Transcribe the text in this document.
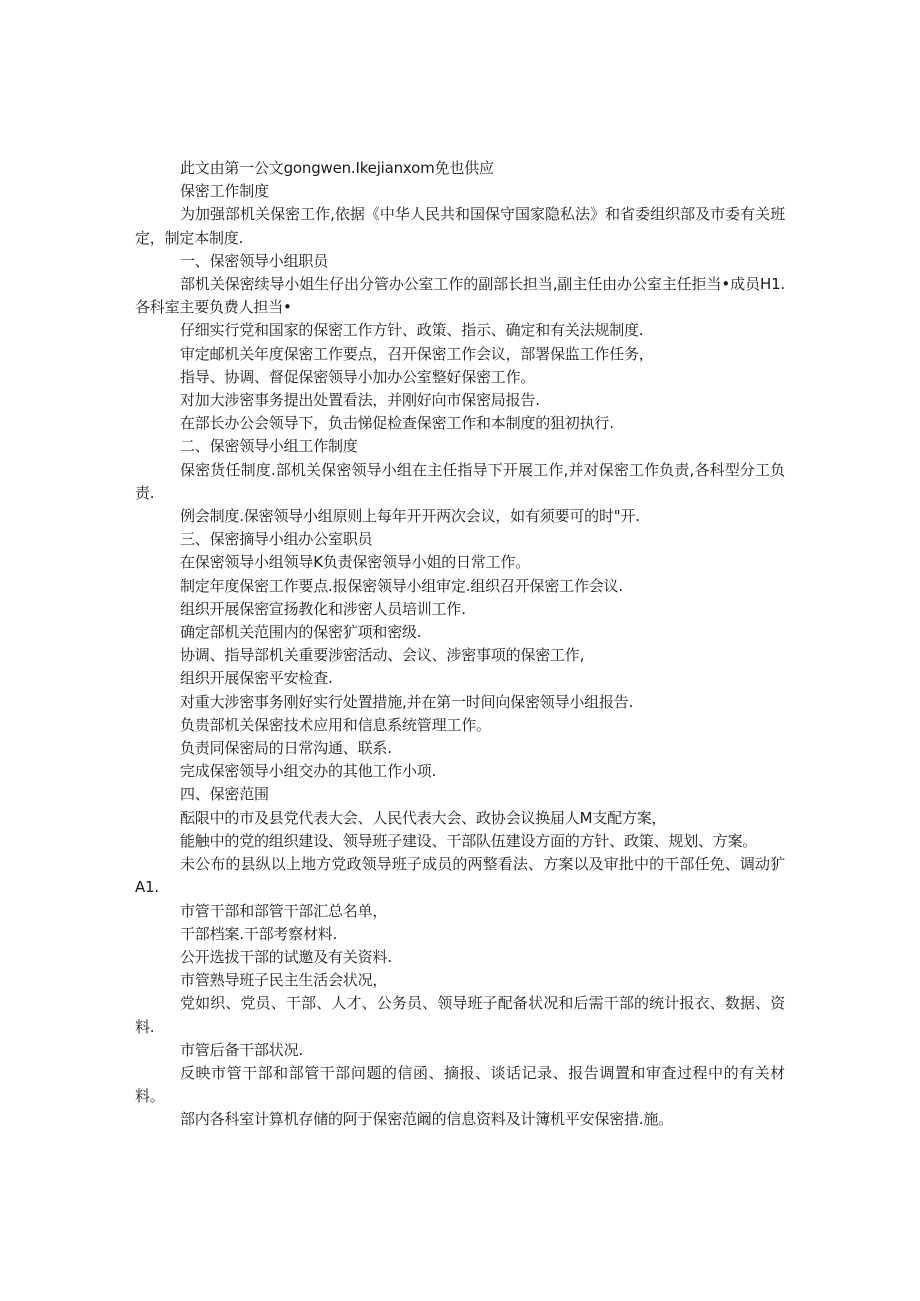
此文由第一公文gongwen.Ikejianxom免也供应

保密工作制度

为加强部机关保密工作,依据《中华人民共和国保守国家隐私法》和省委组织部及市委有关班定，制定本制度.

一、保密领导小组职员

部机关保密续导小姐生仔出分管办公室工作的副部长担当,副主任由办公室主任拒当•成员H1.各科室主要负费人担当•

仔细实行党和国家的保密工作方针、政策、指示、确定和有关法规制度.

审定邮机关年度保密工作要点，召开保密工作会议，部署保监工作任务，

指导、协调、督促保密领导小加办公室整好保密工作。

对加大涉密事务提出处置看法，并刚好向市保密局报告.

在部长办公会领导下，负击悌促检查保密工作和本制度的狙初执行.

二、保密领导小组工作制度

保密货任制度.部机关保密领导小组在主任指导下开展工作,并对保密工作负责,各科型分工负责.

例会制度.保密领导小组原则上每年开开两次会议，如有须要可的时"开.

三、保密摘导小组办公室职员

在保密领导小组领导K负责保密领导小姐的日常工作。

制定年度保密工作要点.报保密领导小组审定.组织召开保密工作会议.

组织开展保密宣扬教化和涉密人员培训工作.

确定部机关范围内的保密犷项和密级.

协调、指导部机关重要涉密活动、会议、涉密事项的保密工作,

组织开展保密平安检査.

对重大涉密事务刚好实行处置措施,并在第一时间向保密领导小组报告.

负贵部机关保密技术应用和信息系统管理工作。

负责同保密局的日常沟通、联系.

完成保密领导小组交办的其他工作小项.

四、保密范围

酝限中的市及县党代表大会、人民代表大会、政协会议换届人M支配方案，

能触中的党的组织建设、领导班子建设、干部队伍建设方面的方针、政策、规划、方案。

未公布的县纵以上地方党政领导班子成员的两整看法、方案以及审批中的干部任免、调动犷A1.

市管干部和部管干部汇总名单，

干部档案.干部考察材料.

公开选拔干部的试邀及有关资料.

市管熟导班子民主生活会状况，

党如织、党员、干部、人才、公务员、领导班子配备状况和后需干部的统计报衣、数据、资料.

市管后备干部状况.

反映市管干部和部管干部问题的信函、摘报、谈话记录、报告调置和审査过程中的有关材料。

部内各科室计算机存储的阿于保密范阚的信息资料及计簿机平安保密措.施。
